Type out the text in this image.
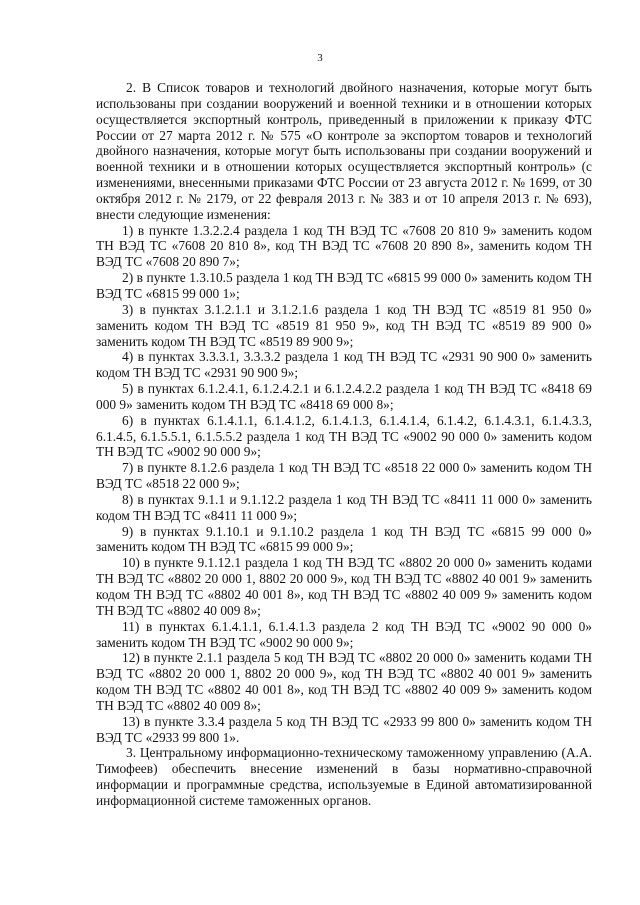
3

2. В Список товаров и технологий двойного назначения, которые могут быть использованы при создании вооружений и военной техники и в отношении которых осуществляется экспортный контроль, приведенный в приложении к приказу ФТС России от 27 марта 2012 г. № 575 «О контроле за экспортом товаров и технологий двойного назначения, которые могут быть использованы при создании вооружений и военной техники и в отношении которых осуществляется экспортный контроль» (с изменениями, внесенными приказами ФТС России от 23 августа 2012 г. № 1699, от 30 октября 2012 г. № 2179, от 22 февраля 2013 г. № 383 и от 10 апреля 2013 г. № 693), внести следующие изменения:

1) в пункте 1.3.2.2.4 раздела 1 код ТН ВЭД ТС «7608 20 810 9» заменить кодом ТН ВЭД ТС «7608 20 810 8», код ТН ВЭД ТС «7608 20 890 8», заменить кодом ТН ВЭД ТС «7608 20 890 7»;

2) в пункте 1.3.10.5 раздела 1 код ТН ВЭД ТС «6815 99 000 0» заменить кодом ТН ВЭД ТС «6815 99 000 1»;

3) в пунктах 3.1.2.1.1 и 3.1.2.1.6 раздела 1 код ТН ВЭД ТС «8519 81 950 0» заменить кодом ТН ВЭД ТС «8519 81 950 9», код ТН ВЭД ТС «8519 89 900 0» заменить кодом ТН ВЭД ТС «8519 89 900 9»;

4) в пунктах 3.3.3.1, 3.3.3.2 раздела 1 код ТН ВЭД ТС «2931 90 900 0» заменить кодом ТН ВЭД ТС «2931 90 900 9»;

5) в пунктах 6.1.2.4.1, 6.1.2.4.2.1 и 6.1.2.4.2.2 раздела 1 код ТН ВЭД ТС «8418 69 000 9» заменить кодом ТН ВЭД ТС «8418 69 000 8»;

6) в пунктах 6.1.4.1.1, 6.1.4.1.2, 6.1.4.1.3, 6.1.4.1.4, 6.1.4.2, 6.1.4.3.1, 6.1.4.3.3, 6.1.4.5, 6.1.5.5.1, 6.1.5.5.2 раздела 1 код ТН ВЭД ТС «9002 90 000 0» заменить кодом ТН ВЭД ТС «9002 90 000 9»;

7) в пункте 8.1.2.6 раздела 1 код ТН ВЭД ТС «8518 22 000 0» заменить кодом ТН ВЭД ТС «8518 22 000 9»;

8) в пунктах 9.1.1 и 9.1.12.2 раздела 1 код ТН ВЭД ТС «8411 11 000 0» заменить кодом ТН ВЭД ТС «8411 11 000 9»;

9) в пунктах 9.1.10.1 и 9.1.10.2 раздела 1 код ТН ВЭД ТС «6815 99 000 0» заменить кодом ТН ВЭД ТС «6815 99 000 9»;

10) в пункте 9.1.12.1 раздела 1 код ТН ВЭД ТС «8802 20 000 0» заменить кодами ТН ВЭД ТС «8802 20 000 1, 8802 20 000 9», код ТН ВЭД ТС «8802 40 001 9» заменить кодом ТН ВЭД ТС «8802 40 001 8», код ТН ВЭД ТС «8802 40 009 9» заменить кодом ТН ВЭД ТС «8802 40 009 8»;

11) в пунктах 6.1.4.1.1, 6.1.4.1.3 раздела 2 код ТН ВЭД ТС «9002 90 000 0» заменить кодом ТН ВЭД ТС «9002 90 000 9»;

12) в пункте 2.1.1 раздела 5 код ТН ВЭД ТС «8802 20 000 0» заменить кодами ТН ВЭД ТС «8802 20 000 1, 8802 20 000 9», код ТН ВЭД ТС «8802 40 001 9» заменить кодом ТН ВЭД ТС «8802 40 001 8», код ТН ВЭД ТС «8802 40 009 9» заменить кодом ТН ВЭД ТС «8802 40 009 8»;

13) в пункте 3.3.4 раздела 5 код ТН ВЭД ТС «2933 99 800 0» заменить кодом ТН ВЭД ТС «2933 99 800 1».

3. Центральному информационно-техническому таможенному управлению (А.А. Тимофеев) обеспечить внесение изменений в базы нормативно-справочной информации и программные средства, используемые в Единой автоматизированной информационной системе таможенных органов.
